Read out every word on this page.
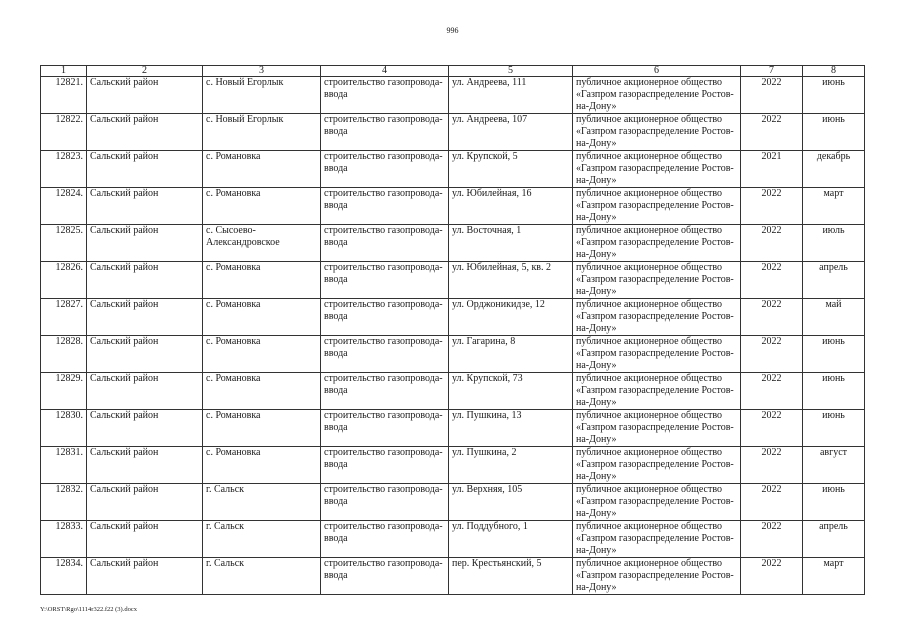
996
1	2	3	4	5	6	7	8
12821.	Сальский район	с. Новый Егорлык	строительство газопровода-ввода	ул. Андреева, 111	публичное акционерное общество «Газпром газораспределение Ростов-на-Дону»	2022	июнь
12822.	Сальский район	с. Новый Егорлык	строительство газопровода-ввода	ул. Андреева, 107	публичное акционерное общество «Газпром газораспределение Ростов-на-Дону»	2022	июнь
12823.	Сальский район	с. Романовка	строительство газопровода-ввода	ул. Крупской, 5	публичное акционерное общество «Газпром газораспределение Ростов-на-Дону»	2021	декабрь
12824.	Сальский район	с. Романовка	строительство газопровода-ввода	ул. Юбилейная, 16	публичное акционерное общество «Газпром газораспределение Ростов-на-Дону»	2022	март
12825.	Сальский район	с. Сысоево-Александровское	строительство газопровода-ввода	ул. Восточная, 1	публичное акционерное общество «Газпром газораспределение Ростов-на-Дону»	2022	июль
12826.	Сальский район	с. Романовка	строительство газопровода-ввода	ул. Юбилейная, 5, кв. 2	публичное акционерное общество «Газпром газораспределение Ростов-на-Дону»	2022	апрель
12827.	Сальский район	с. Романовка	строительство газопровода-ввода	ул. Орджоникидзе, 12	публичное акционерное общество «Газпром газораспределение Ростов-на-Дону»	2022	май
12828.	Сальский район	с. Романовка	строительство газопровода-ввода	ул. Гагарина, 8	публичное акционерное общество «Газпром газораспределение Ростов-на-Дону»	2022	июнь
12829.	Сальский район	с. Романовка	строительство газопровода-ввода	ул. Крупской, 73	публичное акционерное общество «Газпром газораспределение Ростов-на-Дону»	2022	июнь
12830.	Сальский район	с. Романовка	строительство газопровода-ввода	ул. Пушкина, 13	публичное акционерное общество «Газпром газораспределение Ростов-на-Дону»	2022	июнь
12831.	Сальский район	с. Романовка	строительство газопровода-ввода	ул. Пушкина, 2	публичное акционерное общество «Газпром газораспределение Ростов-на-Дону»	2022	август
12832.	Сальский район	г. Сальск	строительство газопровода-ввода	ул. Верхняя, 105	публичное акционерное общество «Газпром газораспределение Ростов-на-Дону»	2022	июнь
12833.	Сальский район	г. Сальск	строительство газопровода-ввода	ул. Поддубного, 1	публичное акционерное общество «Газпром газораспределение Ростов-на-Дону»	2022	апрель
12834.	Сальский район	г. Сальск	строительство газопровода-ввода	пер. Крестьянский, 5	публичное акционерное общество «Газпром газораспределение Ростов-на-Дону»	2022	март
Y:\ORST\Rgo\1114r322.f22 (3).docx
